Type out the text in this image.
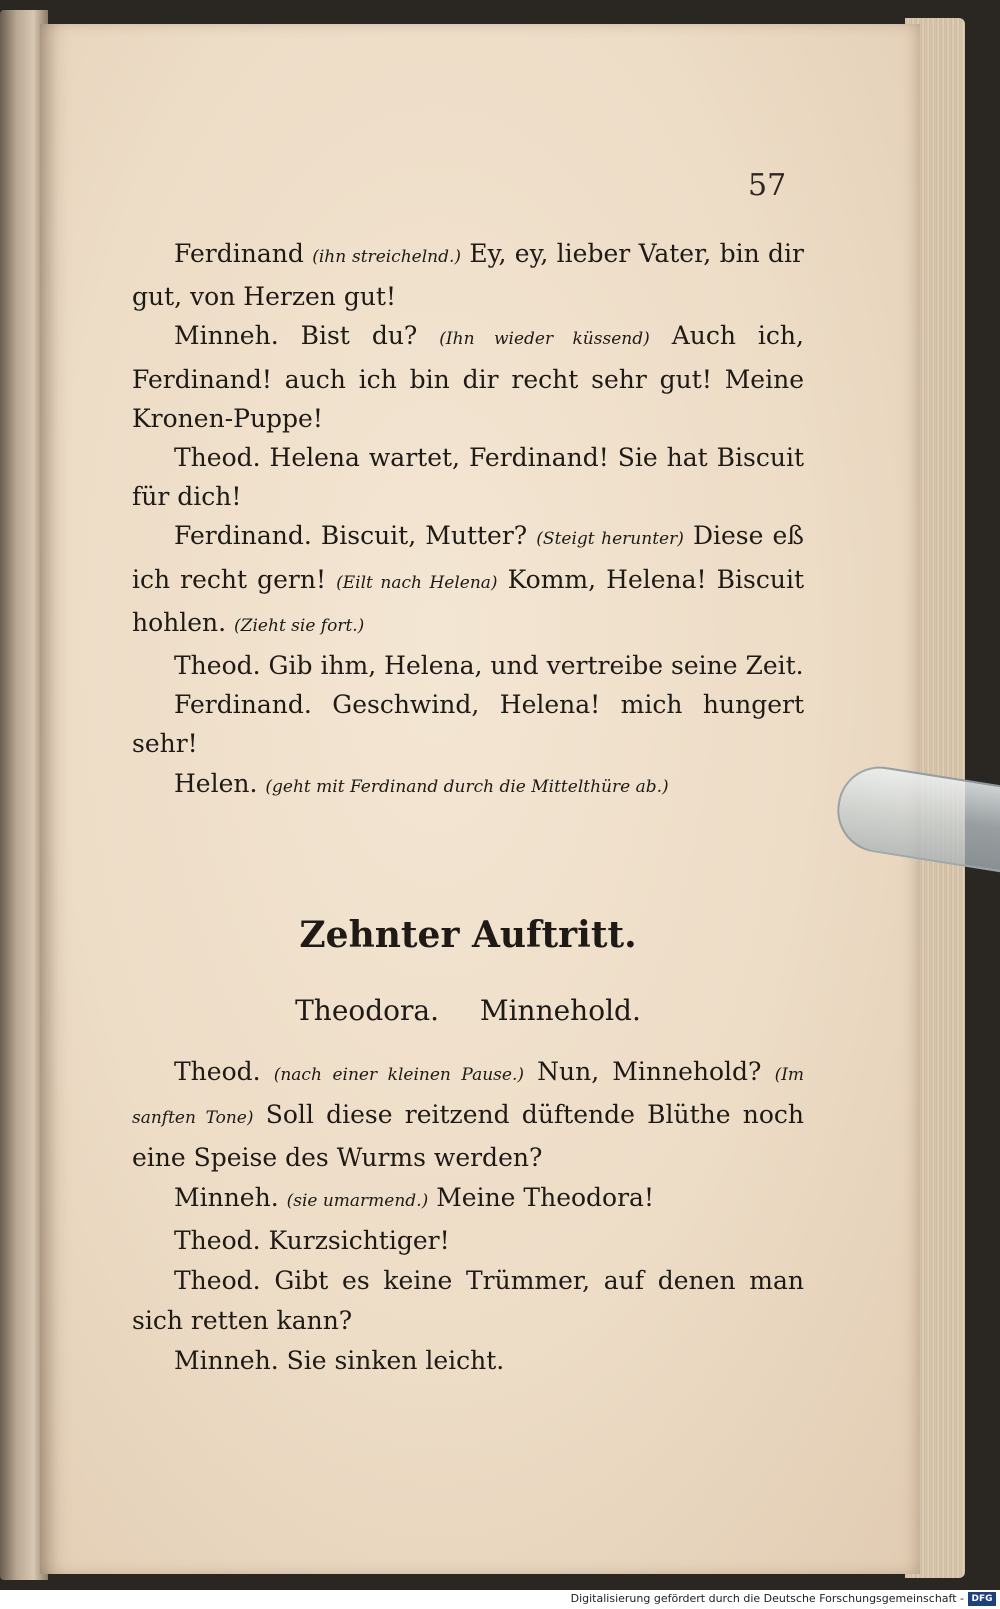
57

Ferdinand (ihn streichelnd.) Ey, ey, lieber Vater, bin dir gut, von Herzen gut!

Minneh. Bist du? (Ihn wieder küssend) Auch ich, Ferdinand! auch ich bin dir recht sehr gut! Meine Kronen-Puppe!

Theod. Helena wartet, Ferdinand! Sie hat Biscuit für dich!

Ferdinand. Biscuit, Mutter? (Steigt herunter) Diese eß ich recht gern! (Eilt nach Helena) Komm, Helena! Biscuit hohlen. (Zieht sie fort.)

Theod. Gib ihm, Helena, und vertreibe seine Zeit.

Ferdinand. Geschwind, Helena! mich hungert sehr!

Helen. (geht mit Ferdinand durch die Mittelthüre ab.)

Zehnter Auftritt.
Theodora. Minnehold.

Theod. (nach einer kleinen Pause.) Nun, Minnehold? (Im sanften Tone) Soll diese reitzend düftende Blüthe noch eine Speise des Wurms werden?

Minneh. (sie umarmend.) Meine Theodora!

Theod. Kurzsichtiger!

Theod. Gibt es keine Trümmer, auf denen man sich retten kann?

Minneh. Sie sinken leicht.

Digitalisierung gefördert durch die Deutsche Forschungsgemeinschaft - DFG
